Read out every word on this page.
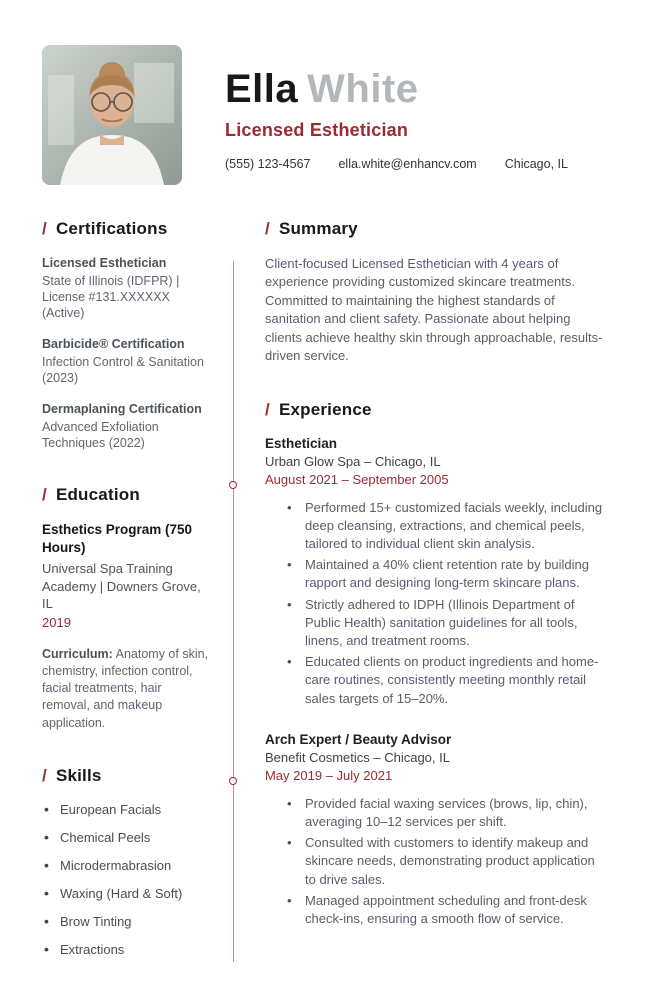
Ella White
Licensed Esthetician
(555) 123-4567 ella.white@enhancv.com Chicago, IL
/ Certifications
Licensed Esthetician
State of Illinois (IDFPR) | License #131.XXXXXX (Active)
Barbicide® Certification
Infection Control & Sanitation (2023)
Dermaplaning Certification
Advanced Exfoliation Techniques (2022)
/ Education
Esthetics Program (750 Hours)
Universal Spa Training Academy | Downers Grove, IL
2019

Curriculum: Anatomy of skin, chemistry, infection control, facial treatments, hair removal, and makeup application.

/ Skills
• European Facials
• Chemical Peels
• Microdermabrasion
• Waxing (Hard & Soft)
• Brow Tinting
• Extractions
/ Summary

Client-focused Licensed Esthetician with 4 years of experience providing customized skincare treatments. Committed to maintaining the highest standards of sanitation and client safety. Passionate about helping clients achieve healthy skin through approachable, results-driven service.

/ Experience
Esthetician
Urban Glow Spa – Chicago, IL
August 2021 – September 2005
• Performed 15+ customized facials weekly, including deep cleansing, extractions, and chemical peels, tailored to individual client skin analysis.
• Maintained a 40% client retention rate by building rapport and designing long-term skincare plans.
• Strictly adhered to IDPH (Illinois Department of Public Health) sanitation guidelines for all tools, linens, and treatment rooms.
• Educated clients on product ingredients and home-care routines, consistently meeting monthly retail sales targets of 15–20%.
Arch Expert / Beauty Advisor
Benefit Cosmetics – Chicago, IL
May 2019 – July 2021
• Provided facial waxing services (brows, lip, chin), averaging 10–12 services per shift.
• Consulted with customers to identify makeup and skincare needs, demonstrating product application to drive sales.
• Managed appointment scheduling and front-desk check-ins, ensuring a smooth flow of service.
